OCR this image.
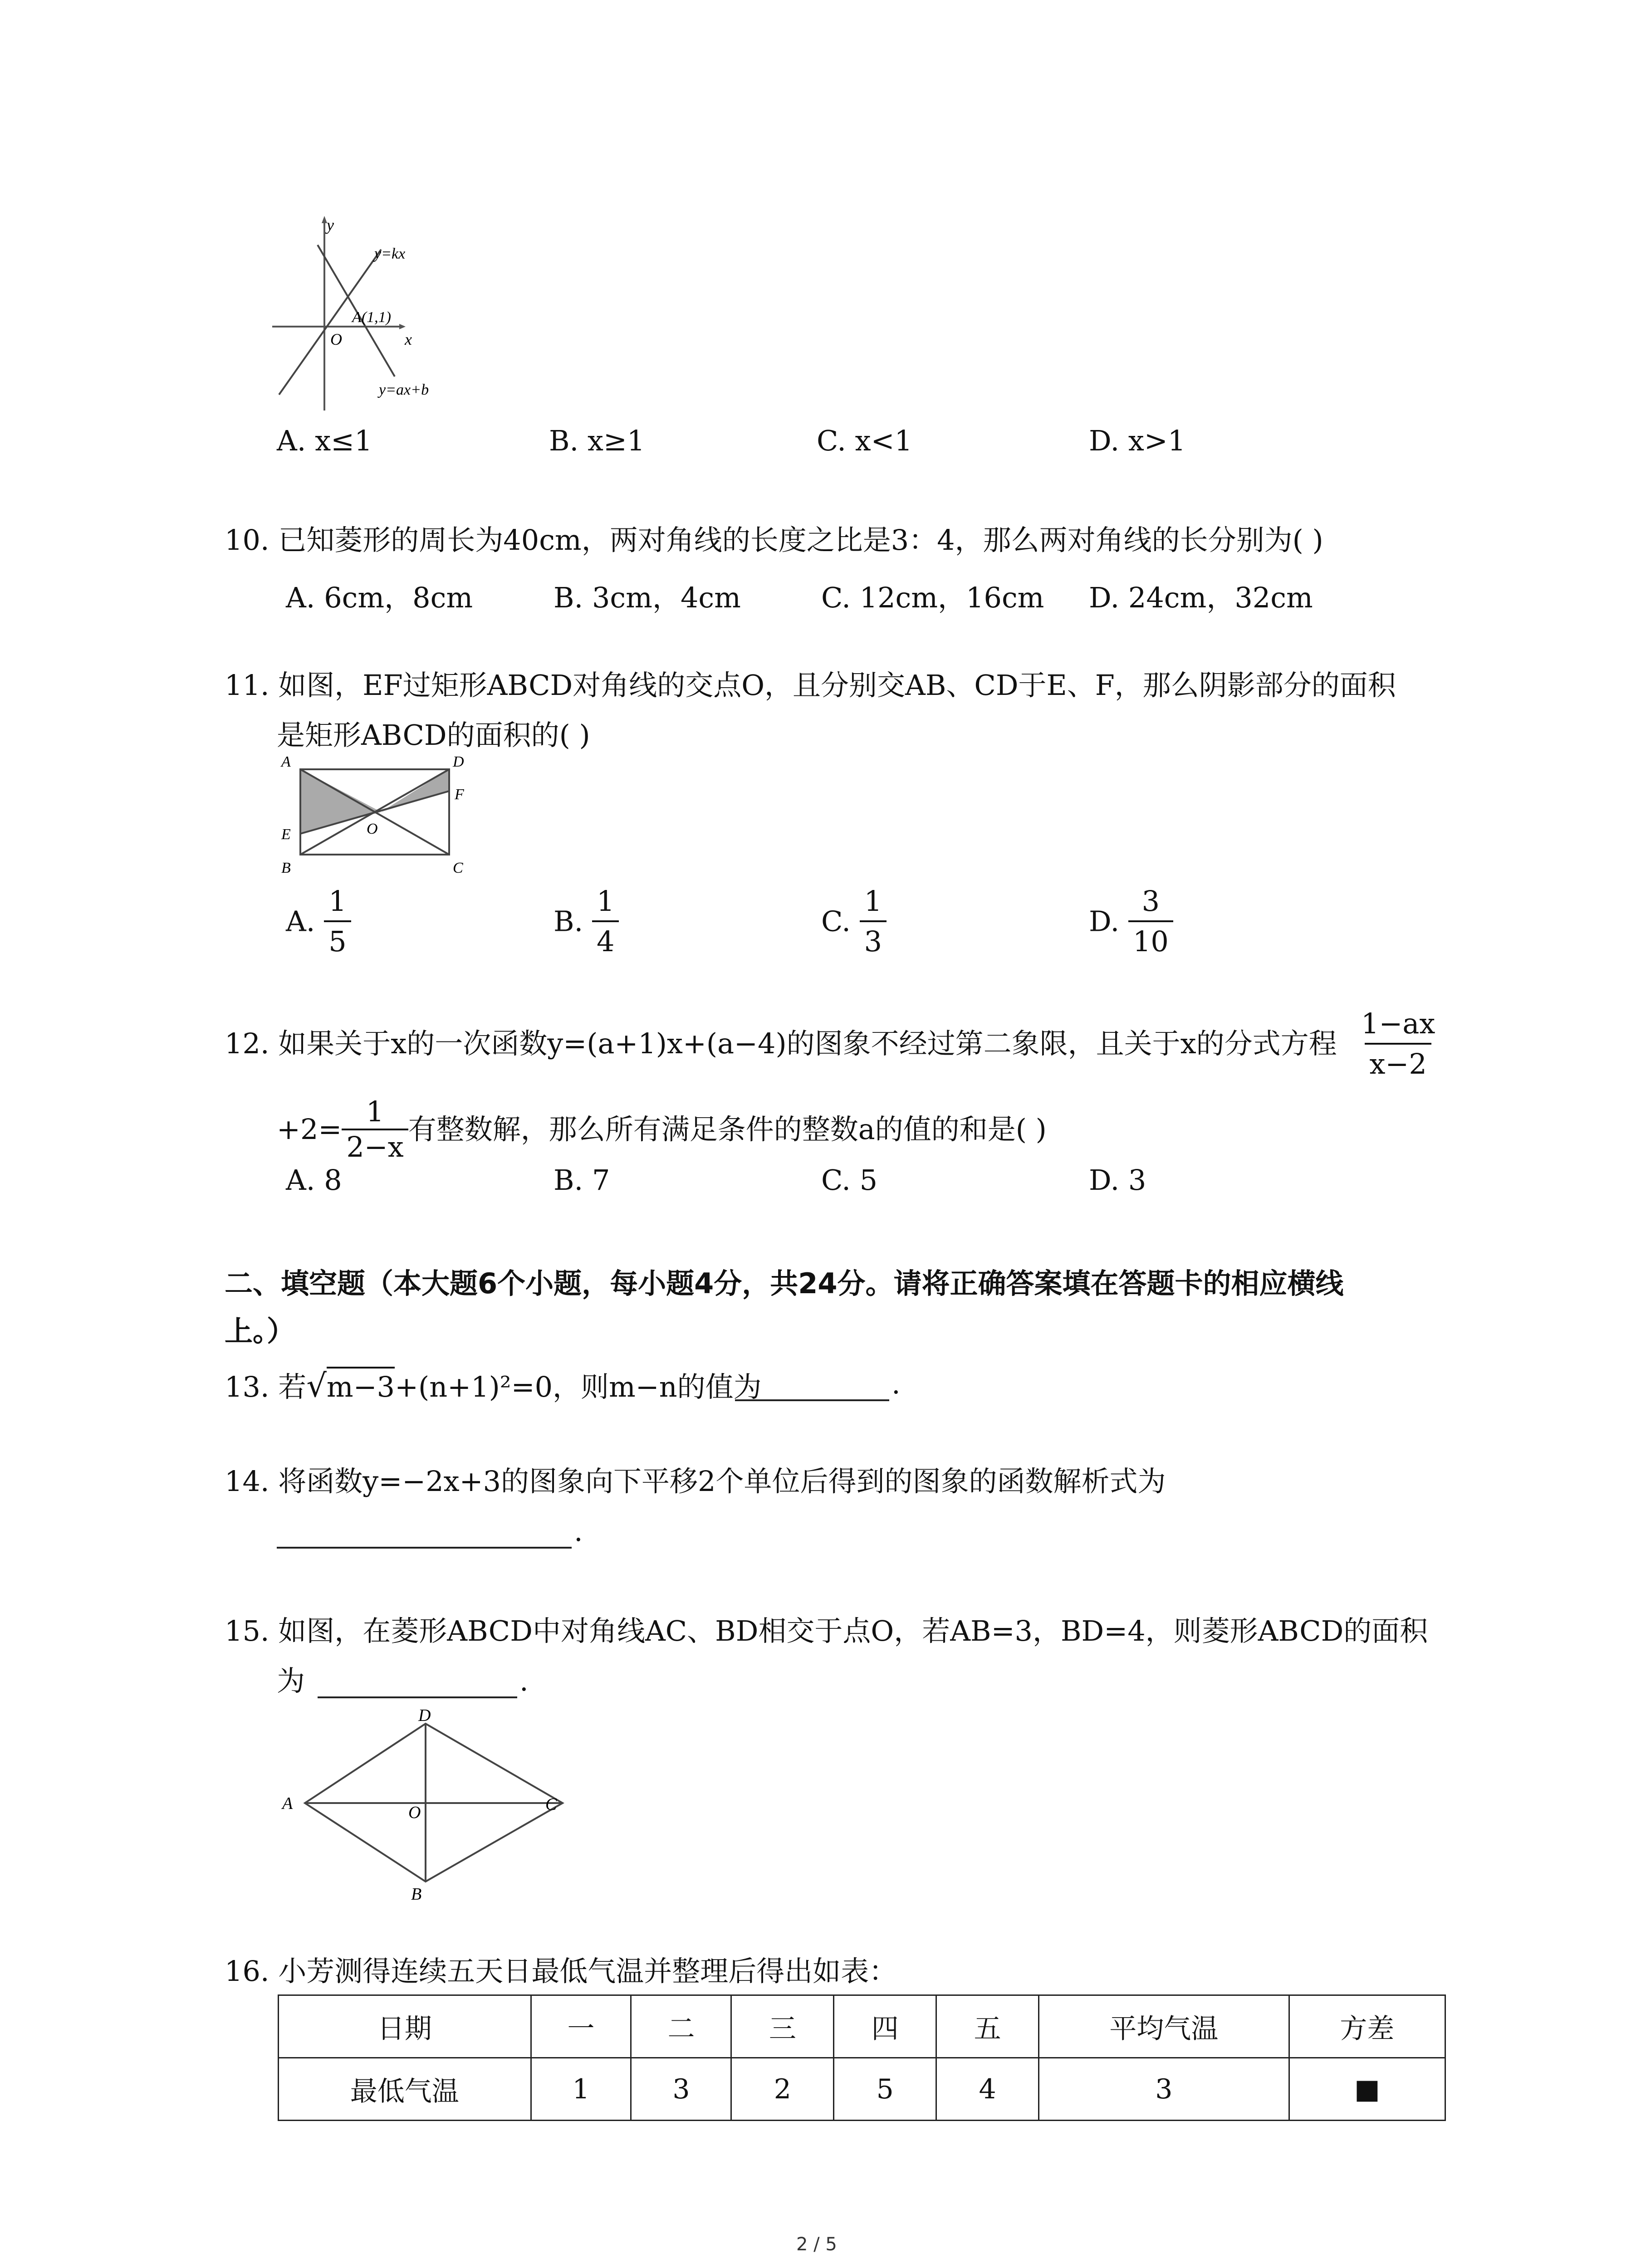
y
x
O
y=kx
A(1,1)
y=ax+b
A. x≤1	B. x≥1	C. x<1	D. x>1
10. 已知菱形的周长为40cm，两对角线的长度之比是3：4，那么两对角线的长分别为( )
A. 6cm，8cm	B. 3cm，4cm	C. 12cm，16cm D. 24cm，32cm
11. 如图，EF过矩形ABCD对角线的交点O，且分别交AB、CD于E、F，那么阴影部分的面积
是矩形ABCD的面积的( )
A	D
F
E
B	C
O
A. $\frac{1}{5}$	B. $\frac{1}{4}$	C. $\frac{1}{3}$	D. $\frac{3}{10}$
12. 如果关于x的一次函数y=(a+1)x+(a−4)的图象不经过第二象限，且关于x的分式方程 $\frac{1-ax}{x-2}$
$+2= \frac{1}{2-x}$ 有整数解，那么所有满足条件的整数a的值的和是( )
A. 8	B. 7	C. 5	D. 3
二、填空题（本大题6个小题，每小题4分，共24分。请将正确答案填在答题卡的相应横线
上。）
13. 若√m−3+(n+1)²=0，则m−n的值为	.
14. 将函数y=−2x+3的图象向下平移2个单位后得到的图象的函数解析式为
.
15. 如图，在菱形ABCD中对角线AC、BD相交于点O，若AB=3，BD=4，则菱形ABCD的面积
为	.
A
D
C
O
B
16. 小芳测得连续五天日最低气温并整理后得出如表：
日期	一	二	三	四	五	平均气温	方差
最低气温	1	3	2	5	4	3	■
2 / 5
